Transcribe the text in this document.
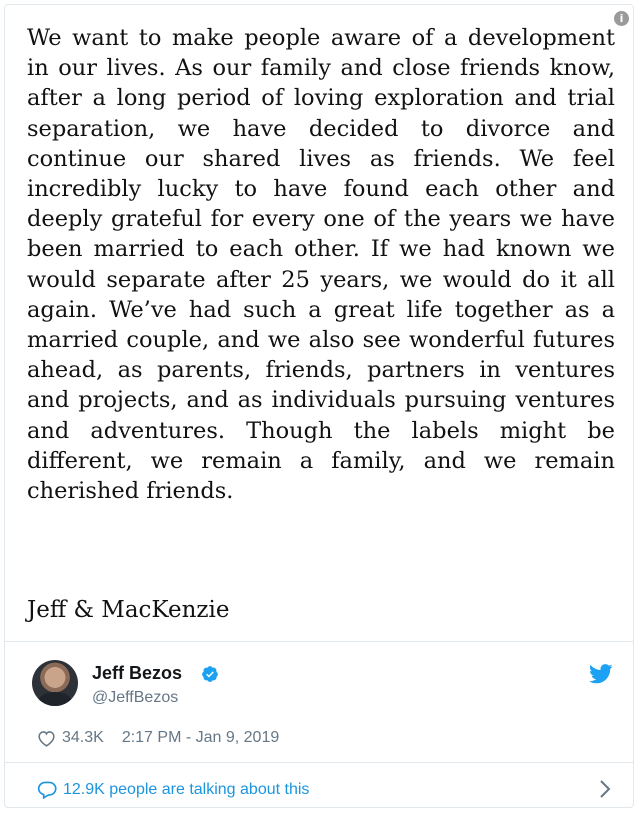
i

We want to make people aware of a development in our lives. As our family and close friends know, after a long period of loving exploration and trial separation, we have decided to divorce and continue our shared lives as friends. We feel incredibly lucky to have found each other and deeply grateful for every one of the years we have been married to each other. If we had known we would separate after 25 years, we would do it all again. We’ve had such a great life together as a married couple, and we also see wonderful futures ahead, as parents, friends, partners in ventures and projects, and as individuals pursuing ventures and adventures. Though the labels might be different, we remain a family, and we remain cherished friends.

Jeff & MacKenzie
Jeff Bezos
@JeffBezos
34.3K 2:17 PM - Jan 9, 2019
12.9K people are talking about this
